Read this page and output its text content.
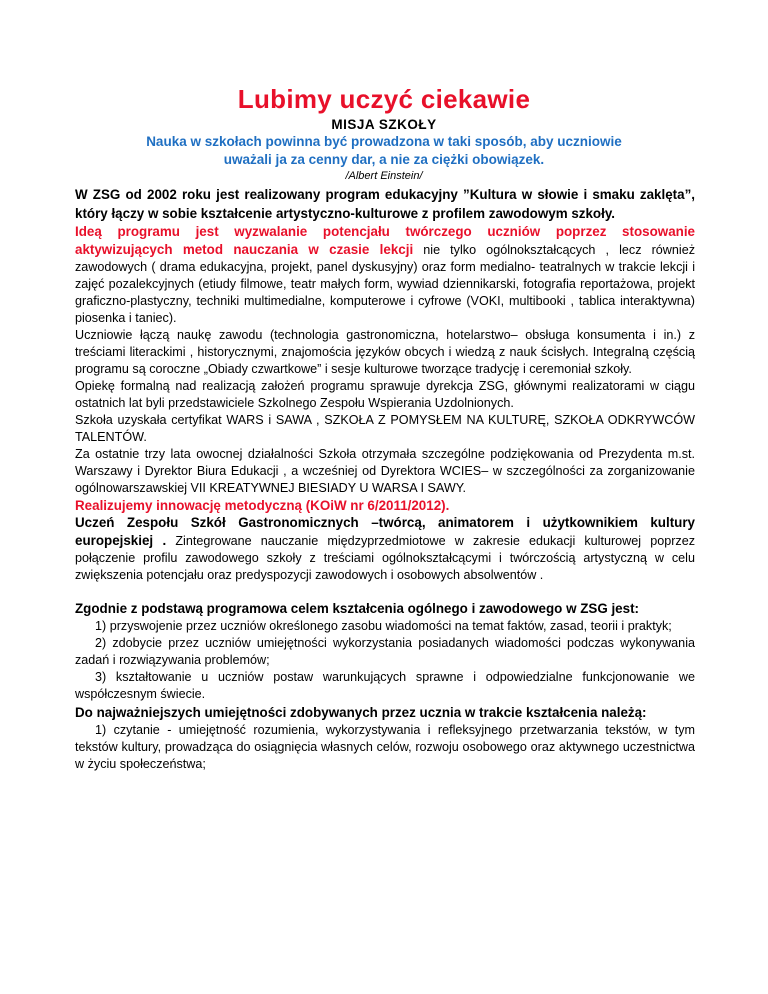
Lubimy uczyć ciekawie
MISJA SZKOŁY
Nauka w szkołach powinna być prowadzona w taki sposób, aby uczniowie
uważali ja za cenny dar, a nie za ciężki obowiązek.
/Albert Einstein/

W ZSG od 2002 roku jest realizowany program edukacyjny ”Kultura w słowie i smaku zaklęta”, który łączy w sobie kształcenie artystyczno-kulturowe z profilem zawodowym szkoły.

Ideą programu jest wyzwalanie potencjału twórczego uczniów poprzez stosowanie aktywizujących metod nauczania w czasie lekcji nie tylko ogólnokształcących , lecz również zawodowych ( drama edukacyjna, projekt, panel dyskusyjny) oraz form medialno- teatralnych w trakcie lekcji i zajęć pozalekcyjnych (etiudy filmowe, teatr małych form, wywiad dziennikarski, fotografia reportażowa, projekt graficzno-plastyczny, techniki multimedialne, komputerowe i cyfrowe (VOKI, multibooki , tablica interaktywna) piosenka i taniec).

Uczniowie łączą naukę zawodu (technologia gastronomiczna, hotelarstwo– obsługa konsumenta i in.) z treściami literackimi , historycznymi, znajomościa języków obcych i wiedzą z nauk ścisłych. Integralną częścią programu są coroczne „Obiady czwartkowe” i sesje kulturowe tworzące tradycję i ceremoniał szkoły.

Opiekę formalną nad realizacją założeń programu sprawuje dyrekcja ZSG, głównymi realizatorami w ciągu ostatnich lat byli przedstawiciele Szkolnego Zespołu Wspierania Uzdolnionych.

Szkoła uzyskała certyfikat WARS i SAWA , SZKOŁA Z POMYSŁEM NA KULTURĘ, SZKOŁA ODKRYWCÓW TALENTÓW.

Za ostatnie trzy lata owocnej działalności Szkoła otrzymała szczególne podziękowania od Prezydenta m.st. Warszawy i Dyrektor Biura Edukacji , a wcześniej od Dyrektora WCIES– w szczególności za zorganizowanie ogólnowarszawskiej VII KREATYWNEJ BIESIADY U WARSA I SAWY.

Realizujemy innowację metodyczną (KOiW nr 6/2011/2012).

Uczeń Zespołu Szkół Gastronomicznych –twórcą, animatorem i użytkownikiem kultury europejskiej . Zintegrowane nauczanie międzyprzedmiotowe w zakresie edukacji kulturowej poprzez połączenie profilu zawodowego szkoły z treściami ogólnokształcącymi i twórczością artystyczną w celu zwiększenia potencjału oraz predyspozycji zawodowych i osobowych absolwentów .

Zgodnie z podstawą programowa celem kształcenia ogólnego i zawodowego w ZSG jest:

1) przyswojenie przez uczniów określonego zasobu wiadomości na temat faktów, zasad, teorii i praktyk;

2) zdobycie przez uczniów umiejętności wykorzystania posiadanych wiadomości podczas wykonywania zadań i rozwiązywania problemów;

3) kształtowanie u uczniów postaw warunkujących sprawne i odpowiedzialne funkcjonowanie we współczesnym świecie.

Do najważniejszych umiejętności zdobywanych przez ucznia w trakcie kształcenia należą:

1) czytanie - umiejętność rozumienia, wykorzystywania i refleksyjnego przetwarzania tekstów, w tym tekstów kultury, prowadząca do osiągnięcia własnych celów, rozwoju osobowego oraz aktywnego uczestnictwa w życiu społeczeństwa;
